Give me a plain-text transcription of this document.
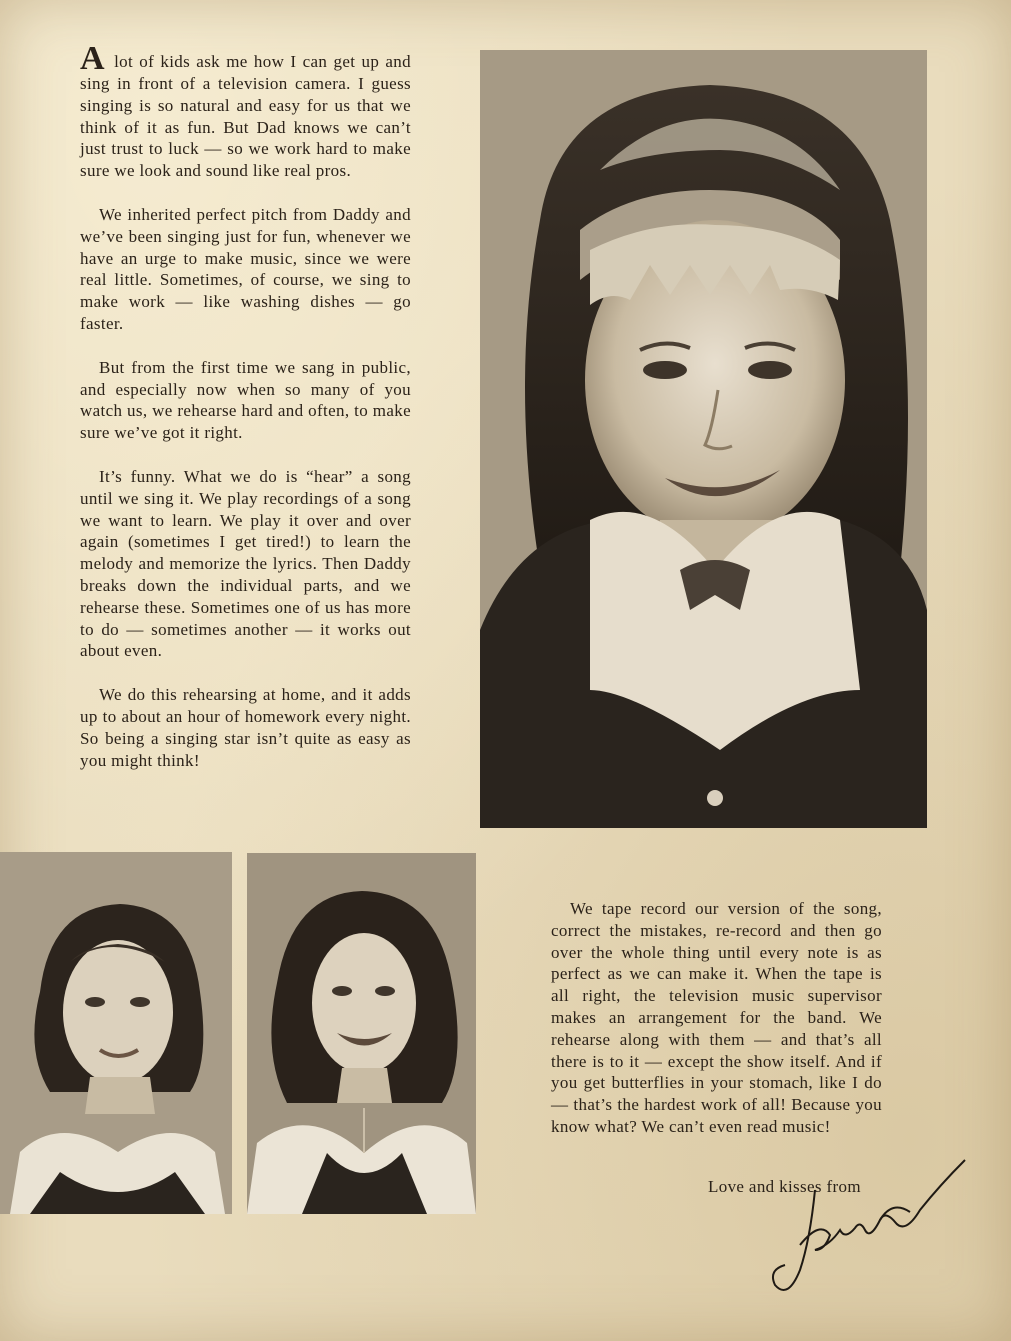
A lot of kids ask me how I can get up and sing in front of a television camera. I guess singing is so natural and easy for us that we think of it as fun. But Dad knows we can’t just trust to luck — so we work hard to make sure we look and sound like real pros.

We inherited perfect pitch from Daddy and we’ve been singing just for fun, whenever we have an urge to make music, since we were real little. Sometimes, of course, we sing to make work — like washing dishes — go faster.

But from the first time we sang in public, and especially now when so many of you watch us, we rehearse hard and often, to make sure we’ve got it right.

It’s funny. What we do is “hear” a song until we sing it. We play recordings of a song we want to learn. We play it over and over again (sometimes I get tired!) to learn the melody and memorize the lyrics. Then Daddy breaks down the individual parts, and we rehearse these. Sometimes one of us has more to do — sometimes another — it works out about even.

We do this rehearsing at home, and it adds up to about an hour of homework every night. So being a singing star isn’t quite as easy as you might think!

We tape record our version of the song, correct the mistakes, re-record and then go over the whole thing until every note is as perfect as we can make it. When the tape is all right, the television music supervisor makes an arrangement for the band. We rehearse along with them — and that’s all there is to it — except the show itself. And if you get butterflies in your stomach, like I do — that’s the hardest work of all! Because you know what? We can’t even read music!

Love and kisses from
